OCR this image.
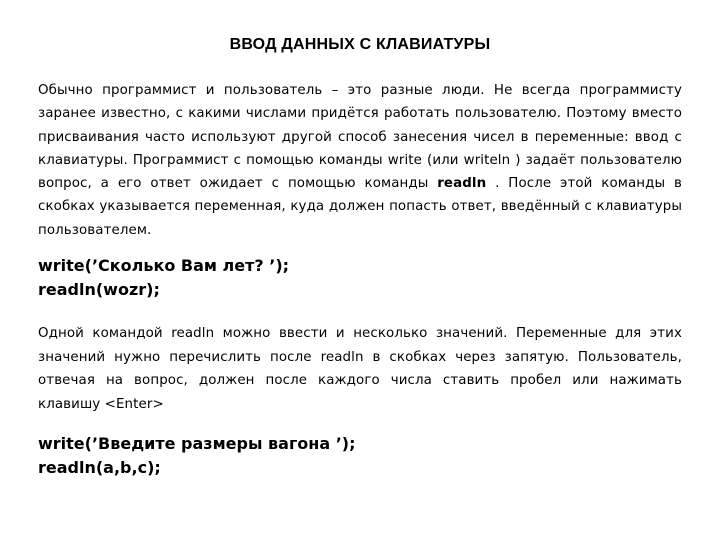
ВВОД ДАННЫХ С КЛАВИАТУРЫ
Обычно программист и пользователь – это разные люди. Не всегда программисту заранее известно, с какими числами придётся работать пользователю. Поэтому вместо присваивания часто используют другой способ занесения чисел в переменные: ввод с клавиатуры. Программист с помощью команды write (или writeln ) задаёт пользователю вопрос, а его ответ ожидает с помощью команды readln . После этой команды в скобках указывается переменная, куда должен попасть ответ, введённый с клавиатуры пользователем.
write(’Сколько Вам лет? ’);
readln(wozr);
Одной командой readln можно ввести и несколько значений. Переменные для этих значений нужно перечислить после readln в скобках через запятую. Пользователь, отвечая на вопрос, должен после каждого числа ставить пробел или нажимать клавишу <Enter>
write(’Введите размеры вагона ’);
readln(a,b,c);
